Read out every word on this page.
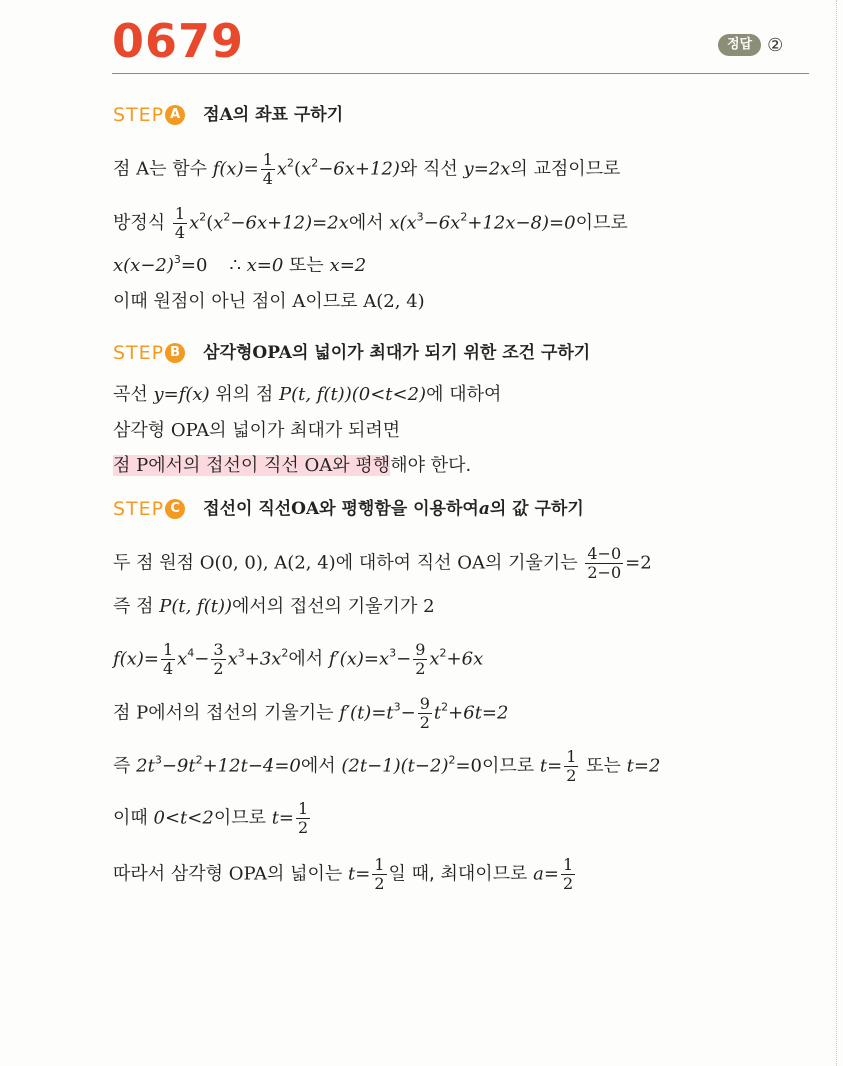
0679	정답 ②
STEP A 점 A 의 좌표 구하기
점 A는 함수 $f(x)= \frac{1}{4} x^2(x^2-6x+12)$와 직선 y=2x의 교점이므로
방정식 $\frac{1}{4} x^2(x^2-6x+12)=2x$에서 $x(x^3-6x^2+12x-8)=0$이므로
$x(x-2)^3=0$ ∴ x=0 또는 x=2
이때 원점이 아닌 점이 A이므로 A(2, 4)
STEP B 삼각형 OPA 의 넓이가 최대가 되기 위한 조건 구하기
곡선 y=f(x) 위의 점 P(t, f(t))(0<t<2)에 대하여
삼각형 OPA의 넓이가 최대가 되려면
점 P에서의 접선이 직선 OA와 평행해야 한다.
STEP C	접선이 직선 OA 와 평행함을 이용하여 a 의 값 구하기
두 점 원점 O(0, 0), A(2, 4)에 대하여 직선 OA의 기울기는 $\frac{4-0}{2-0} =2$
즉 점 P(t, f(t))에서의 접선의 기울기가 2
$f(x)= \frac{1}{4} x^4- \frac{3}{2} x^3+3x^2$에서 $f'(x)=x^3- \frac{9}{2} x^2+6x$
점 P에서의 접선의 기울기는 $f'(t)=t^3- \frac{9}{2} t^2+6t=2$
즉 $2t^3-9t^2+12t-4=0$에서 $(2t-1)(t-2)^2=0$이므로 $t= \frac{1}{2}$ 또는 t=2
이때 0<t<2이므로 $t= \frac{1}{2}$
따라서 삼각형 OPA의 넓이는 $t= \frac{1}{2}$ 일 때, 최대이므로 $a= \frac{1}{2}$
